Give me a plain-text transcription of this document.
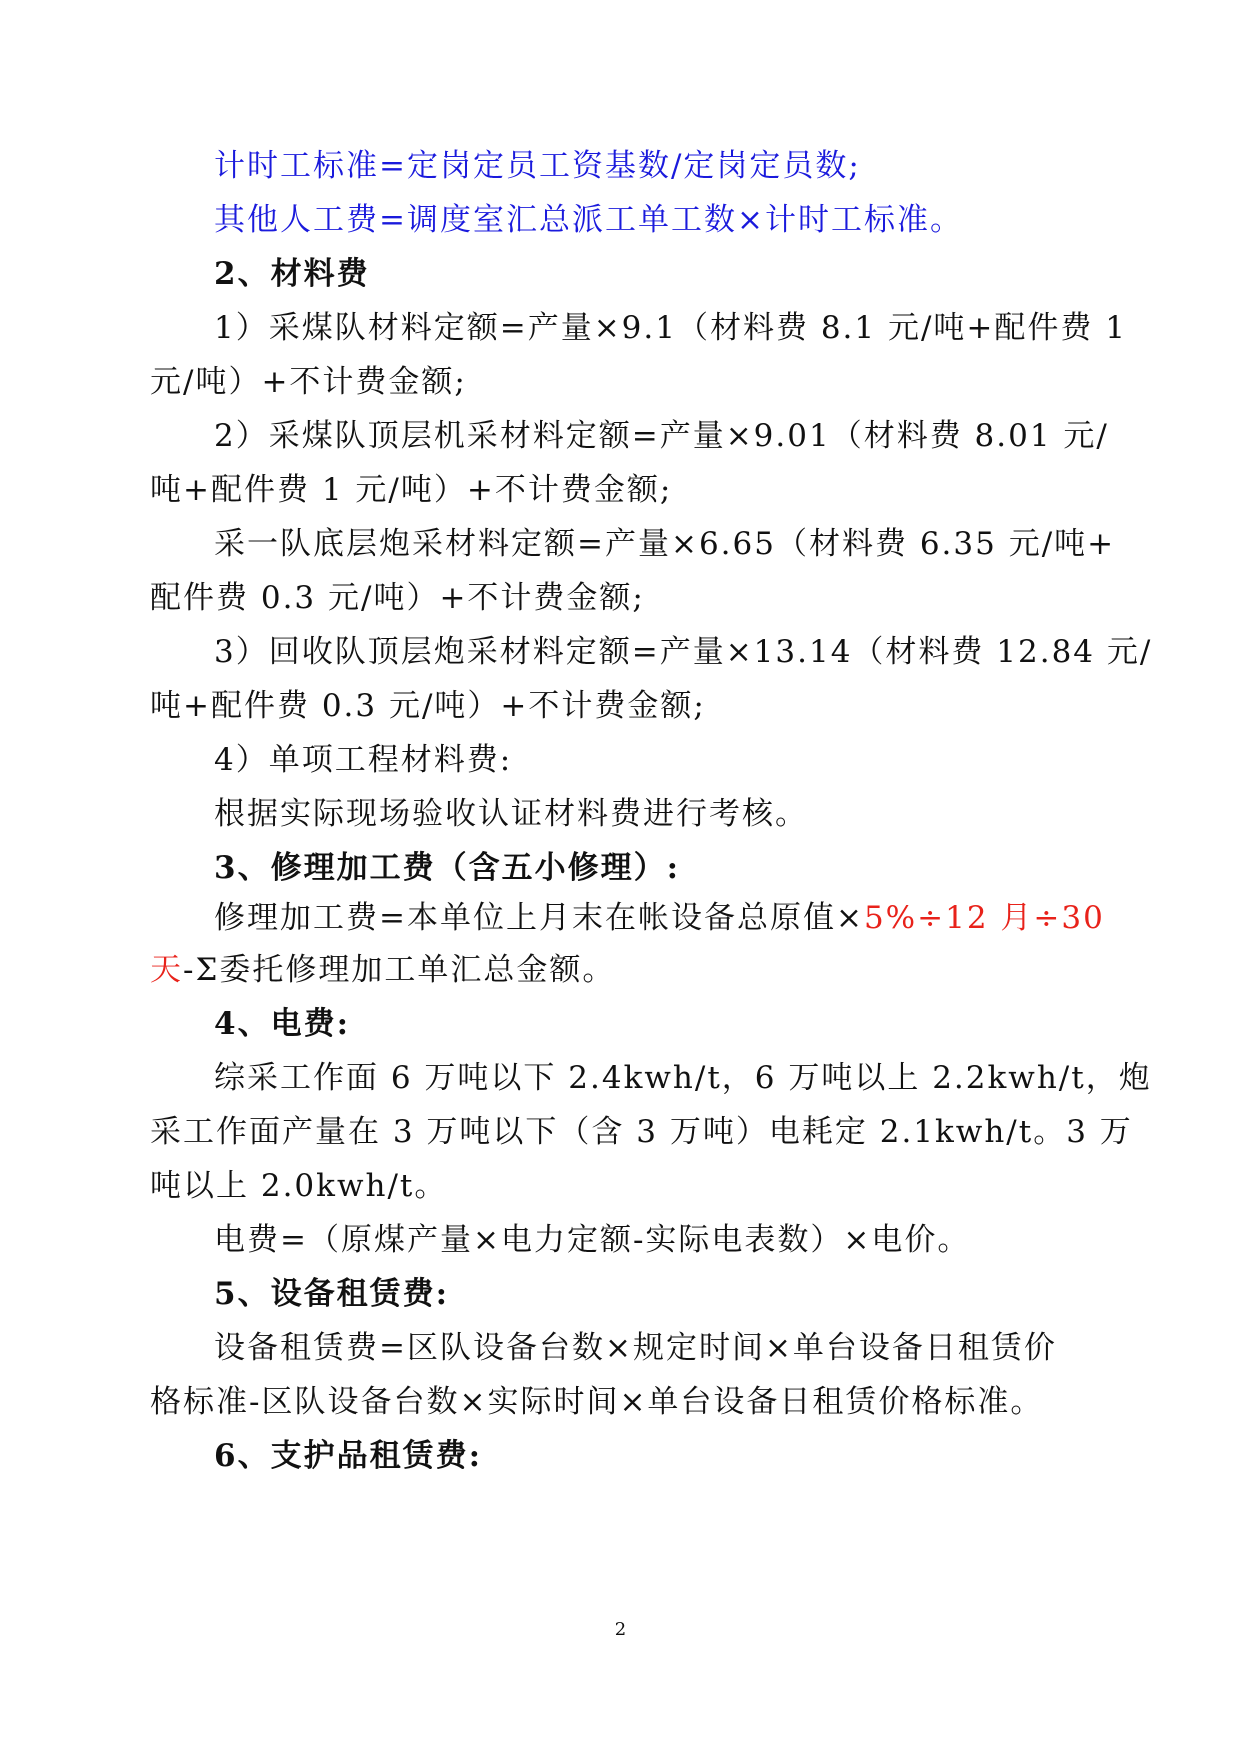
计时工标准=定岗定员工资基数/定岗定员数;
其他人工费=调度室汇总派工单工数×计时工标准。
2、材料费
1）采煤队材料定额=产量×9.1（材料费 8.1 元/吨+配件费 1
元/吨）+不计费金额;
2）采煤队顶层机采材料定额=产量×9.01（材料费 8.01 元/
吨+配件费 1 元/吨）+不计费金额;
采一队底层炮采材料定额=产量×6.65（材料费 6.35 元/吨+
配件费 0.3 元/吨）+不计费金额;
3）回收队顶层炮采材料定额=产量×13.14（材料费 12.84 元/
吨+配件费 0.3 元/吨）+不计费金额;
4）单项工程材料费:
根据实际现场验收认证材料费进行考核。
3、修理加工费（含五小修理）:
修理加工费=本单位上月末在帐设备总原值×5%÷12 月÷30
天-Σ委托修理加工单汇总金额。
4、电费:
综采工作面 6 万吨以下 2.4kwh/t，6 万吨以上 2.2kwh/t，炮
采工作面产量在 3 万吨以下（含 3 万吨）电耗定 2.1kwh/t。3 万
吨以上 2.0kwh/t。
电费=（原煤产量×电力定额-实际电表数）×电价。
5、设备租赁费:
设备租赁费=区队设备台数×规定时间×单台设备日租赁价
格标准-区队设备台数×实际时间×单台设备日租赁价格标准。
6、支护品租赁费:
2
